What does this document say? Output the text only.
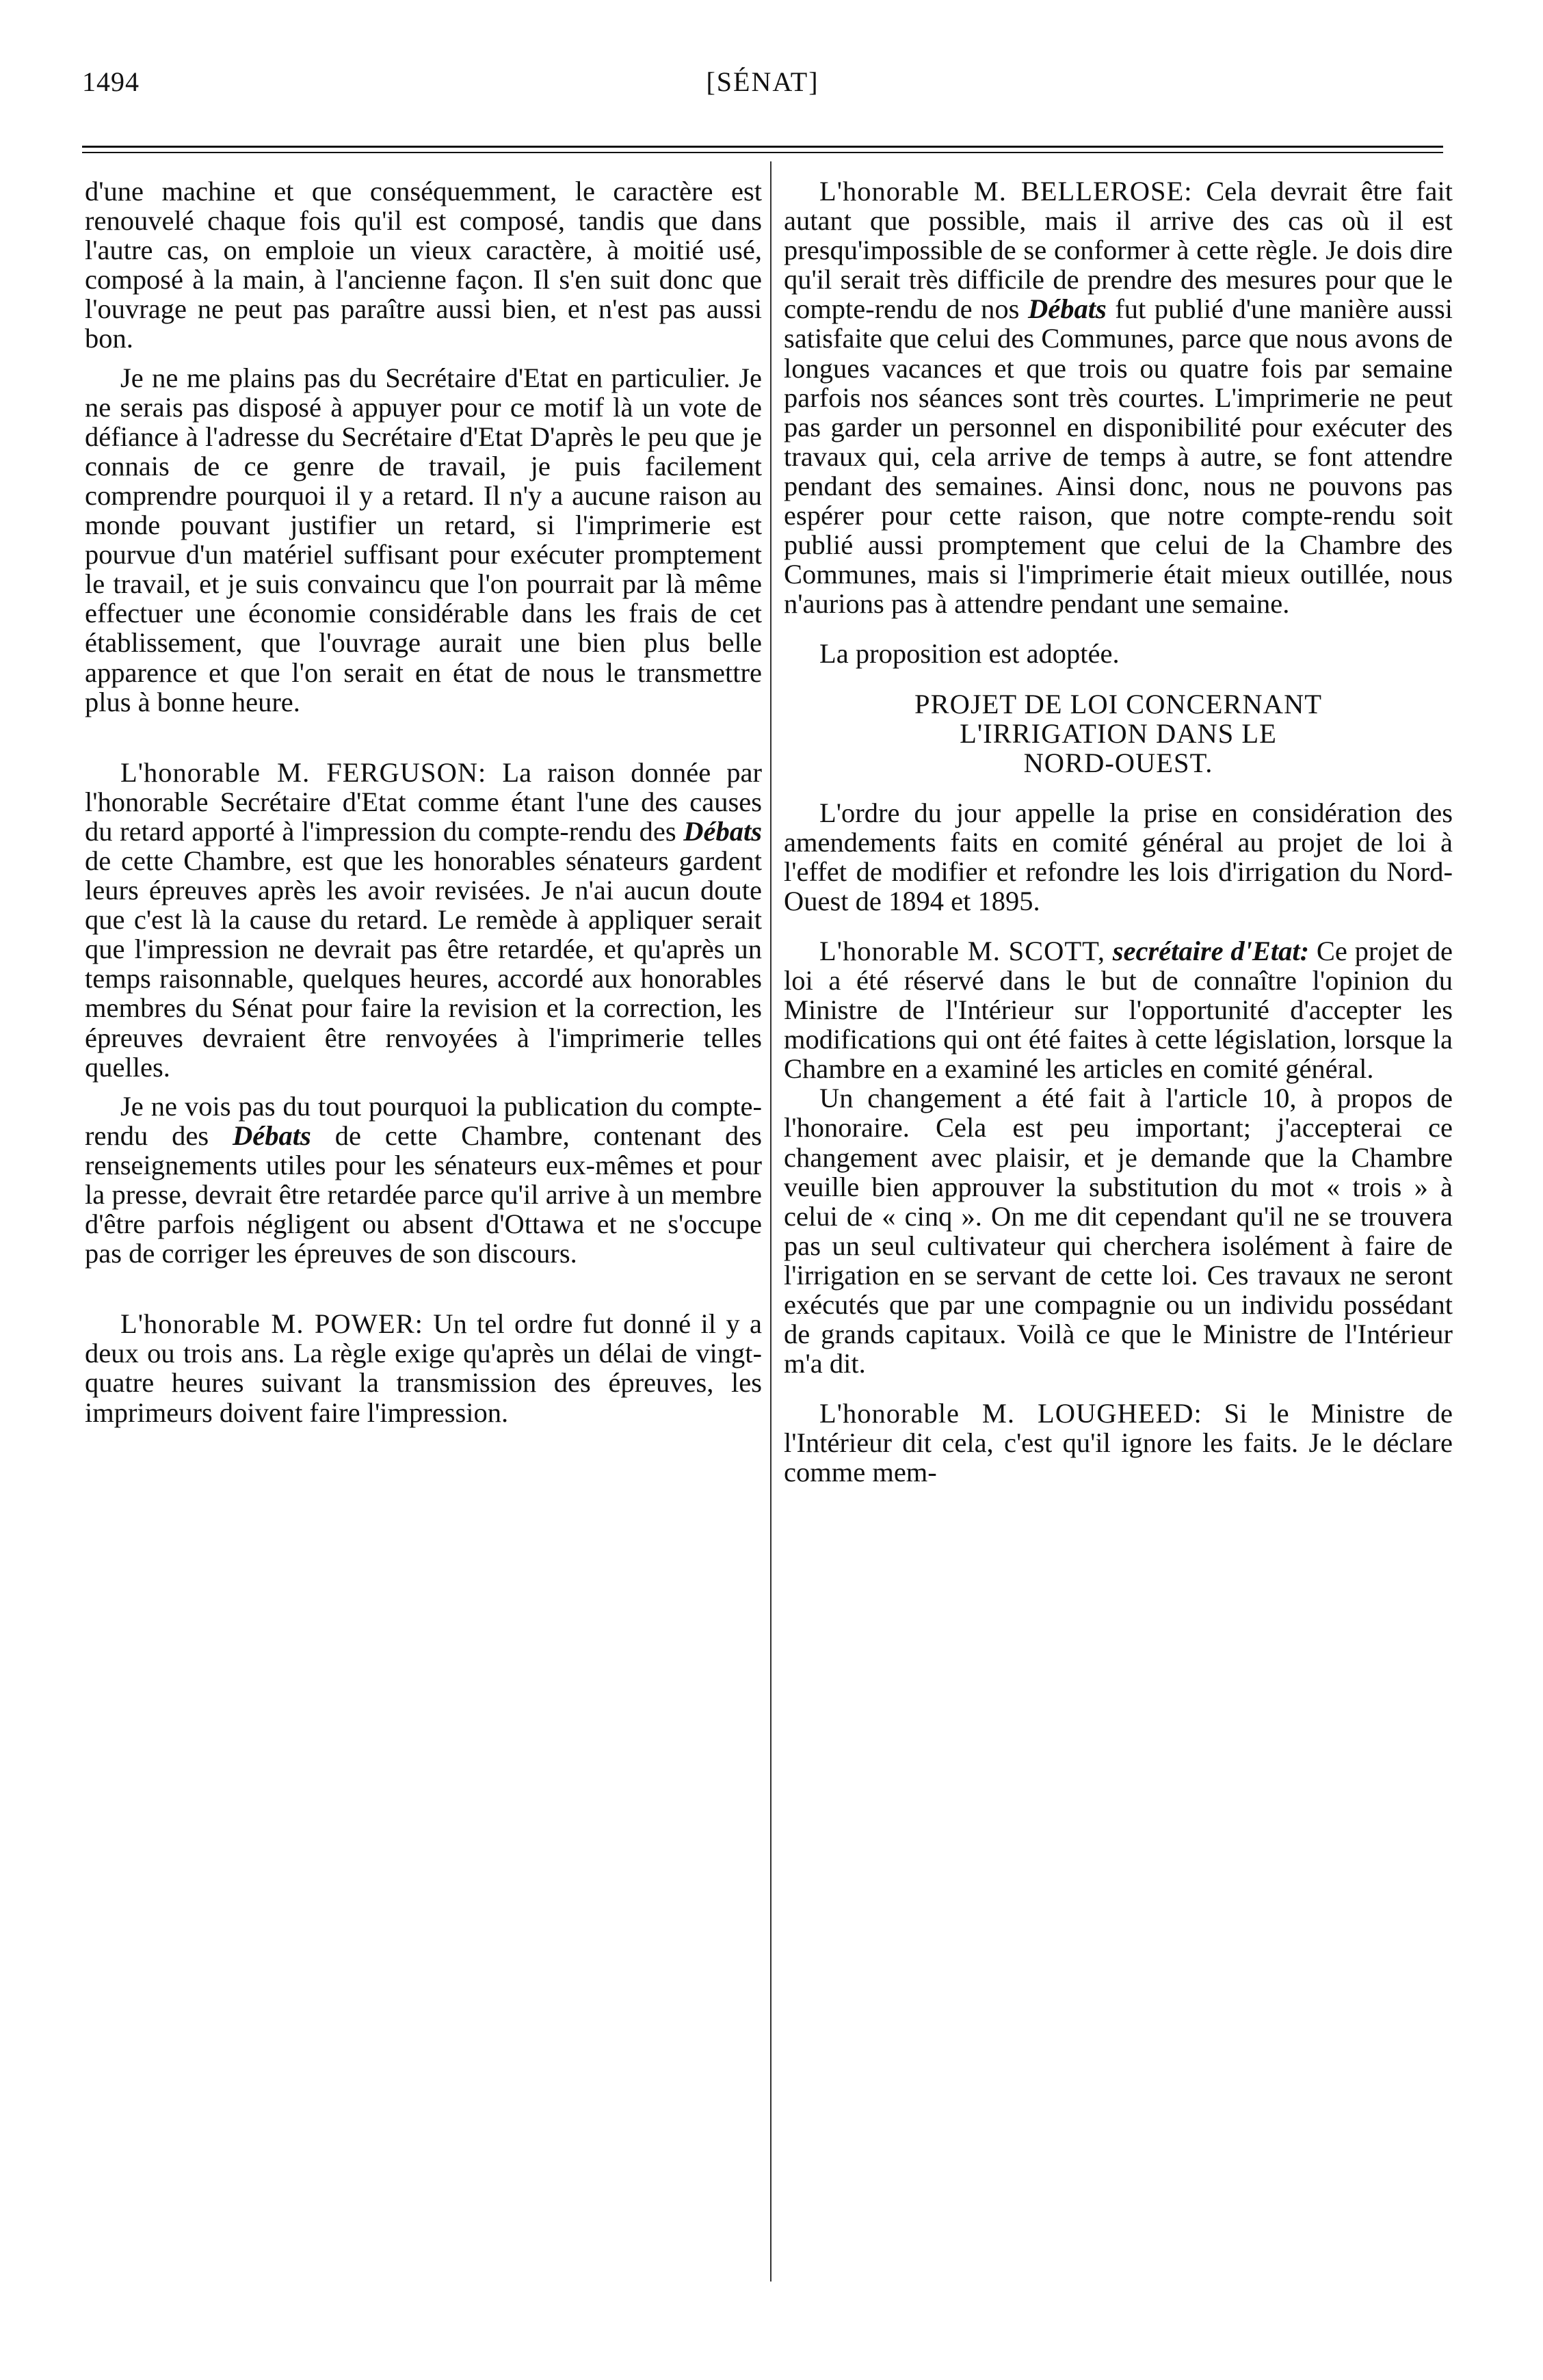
1494	[SÉNAT]

d'une machine et que conséquemment, le caractère est renouvelé chaque fois qu'il est composé, tandis que dans l'autre cas, on emploie un vieux caractère, à moitié usé, composé à la main, à l'ancienne façon. Il s'en suit donc que l'ouvrage ne peut pas paraître aussi bien, et n'est pas aussi bon.

Je ne me plains pas du Secrétaire d'Etat en particulier. Je ne serais pas disposé à appuyer pour ce motif là un vote de défiance à l'adresse du Secrétaire d'Etat D'après le peu que je connais de ce genre de travail, je puis facilement comprendre pourquoi il y a retard. Il n'y a aucune raison au monde pouvant justifier un retard, si l'imprimerie est pourvue d'un matériel suffisant pour exécuter promptement le travail, et je suis convaincu que l'on pourrait par là même effectuer une économie considérable dans les frais de cet établissement, que l'ouvrage aurait une bien plus belle apparence et que l'on serait en état de nous le transmettre plus à bonne heure.

L'honorable M. FERGUSON: La raison donnée par l'honorable Secrétaire d'Etat comme étant l'une des causes du retard apporté à l'impression du compte-rendu des Débats de cette Chambre, est que les honorables sénateurs gardent leurs épreuves après les avoir revisées. Je n'ai aucun doute que c'est là la cause du retard. Le remède à appliquer serait que l'impression ne devrait pas être retardée, et qu'après un temps raisonnable, quelques heures, accordé aux honorables membres du Sénat pour faire la revision et la correction, les épreuves devraient être renvoyées à l'imprimerie telles quelles.

Je ne vois pas du tout pourquoi la publication du compte-rendu des Débats de cette Chambre, contenant des renseignements utiles pour les sénateurs eux-mêmes et pour la presse, devrait être retardée parce qu'il arrive à un membre d'être parfois négligent ou absent d'Ottawa et ne s'occupe pas de corriger les épreuves de son discours.

L'honorable M. POWER: Un tel ordre fut donné il y a deux ou trois ans. La règle exige qu'après un délai de vingt-quatre heures suivant la transmission des épreuves, les imprimeurs doivent faire l'impression.

L'honorable M. BELLEROSE: Cela devrait être fait autant que possible, mais il arrive des cas où il est presqu'impossible de se conformer à cette règle. Je dois dire qu'il serait très difficile de prendre des mesures pour que le compte-rendu de nos Débats fut publié d'une manière aussi satisfaite que celui des Communes, parce que nous avons de longues vacances et que trois ou quatre fois par semaine parfois nos séances sont très courtes. L'imprimerie ne peut pas garder un personnel en disponibilité pour exécuter des travaux qui, cela arrive de temps à autre, se font attendre pendant des semaines. Ainsi donc, nous ne pouvons pas espérer pour cette raison, que notre compte-rendu soit publié aussi promptement que celui de la Chambre des Communes, mais si l'imprimerie était mieux outillée, nous n'aurions pas à attendre pendant une semaine.

La proposition est adoptée.

PROJET DE LOI CONCERNANT
L'IRRIGATION DANS LE
NORD-OUEST.

L'ordre du jour appelle la prise en considération des amendements faits en comité général au projet de loi à l'effet de modifier et refondre les lois d'irrigation du Nord-Ouest de 1894 et 1895.

L'honorable M. SCOTT, secrétaire d'Etat: Ce projet de loi a été réservé dans le but de connaître l'opinion du Ministre de l'Intérieur sur l'opportunité d'accepter les modifications qui ont été faites à cette législation, lorsque la Chambre en a examiné les articles en comité général.

Un changement a été fait à l'article 10, à propos de l'honoraire. Cela est peu important; j'accepterai ce changement avec plaisir, et je demande que la Chambre veuille bien approuver la substitution du mot « trois » à celui de « cinq ». On me dit cependant qu'il ne se trouvera pas un seul cultivateur qui cherchera isolément à faire de l'irrigation en se servant de cette loi. Ces travaux ne seront exécutés que par une compagnie ou un individu possédant de grands capitaux. Voilà ce que le Ministre de l'Intérieur m'a dit.

L'honorable M. LOUGHEED: Si le Ministre de l'Intérieur dit cela, c'est qu'il ignore les faits. Je le déclare comme mem-
